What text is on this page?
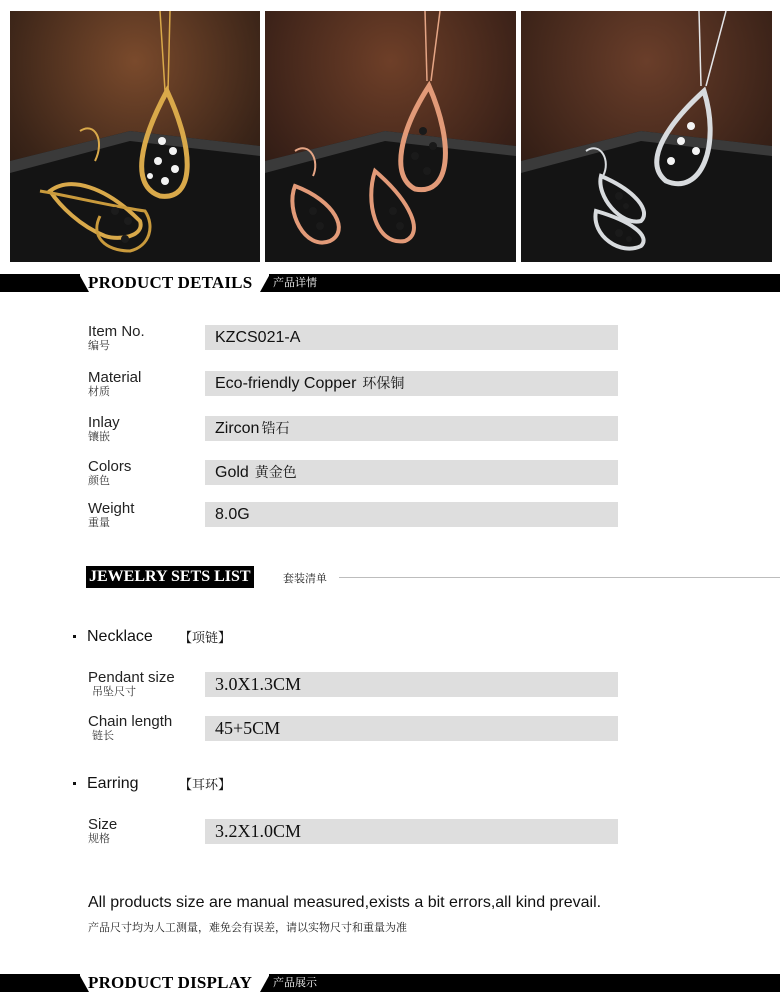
PRODUCT DETAILS 产品详情
Item No.
编号	KZCS021-A
Material
材质	Eco-friendly Copper 环保铜
Inlay
镶嵌	Zircon 锆石
Colors
颜色	Gold 黄金色
Weight
重量	8.0G
JEWELRY SETS LIST	套装清单
Necklace 【项链】
Pendant size
吊坠尺寸	3.0X1.3CM
Chain length
链长	45+5CM
Earring	【耳环】
Size
规格	3.2X1.0CM
All products size are manual measured,exists a bit errors,all kind prevail.
产品尺寸均为人工测量，难免会有误差，请以实物尺寸和重量为准
PRODUCT DISPLAY 产品展示
